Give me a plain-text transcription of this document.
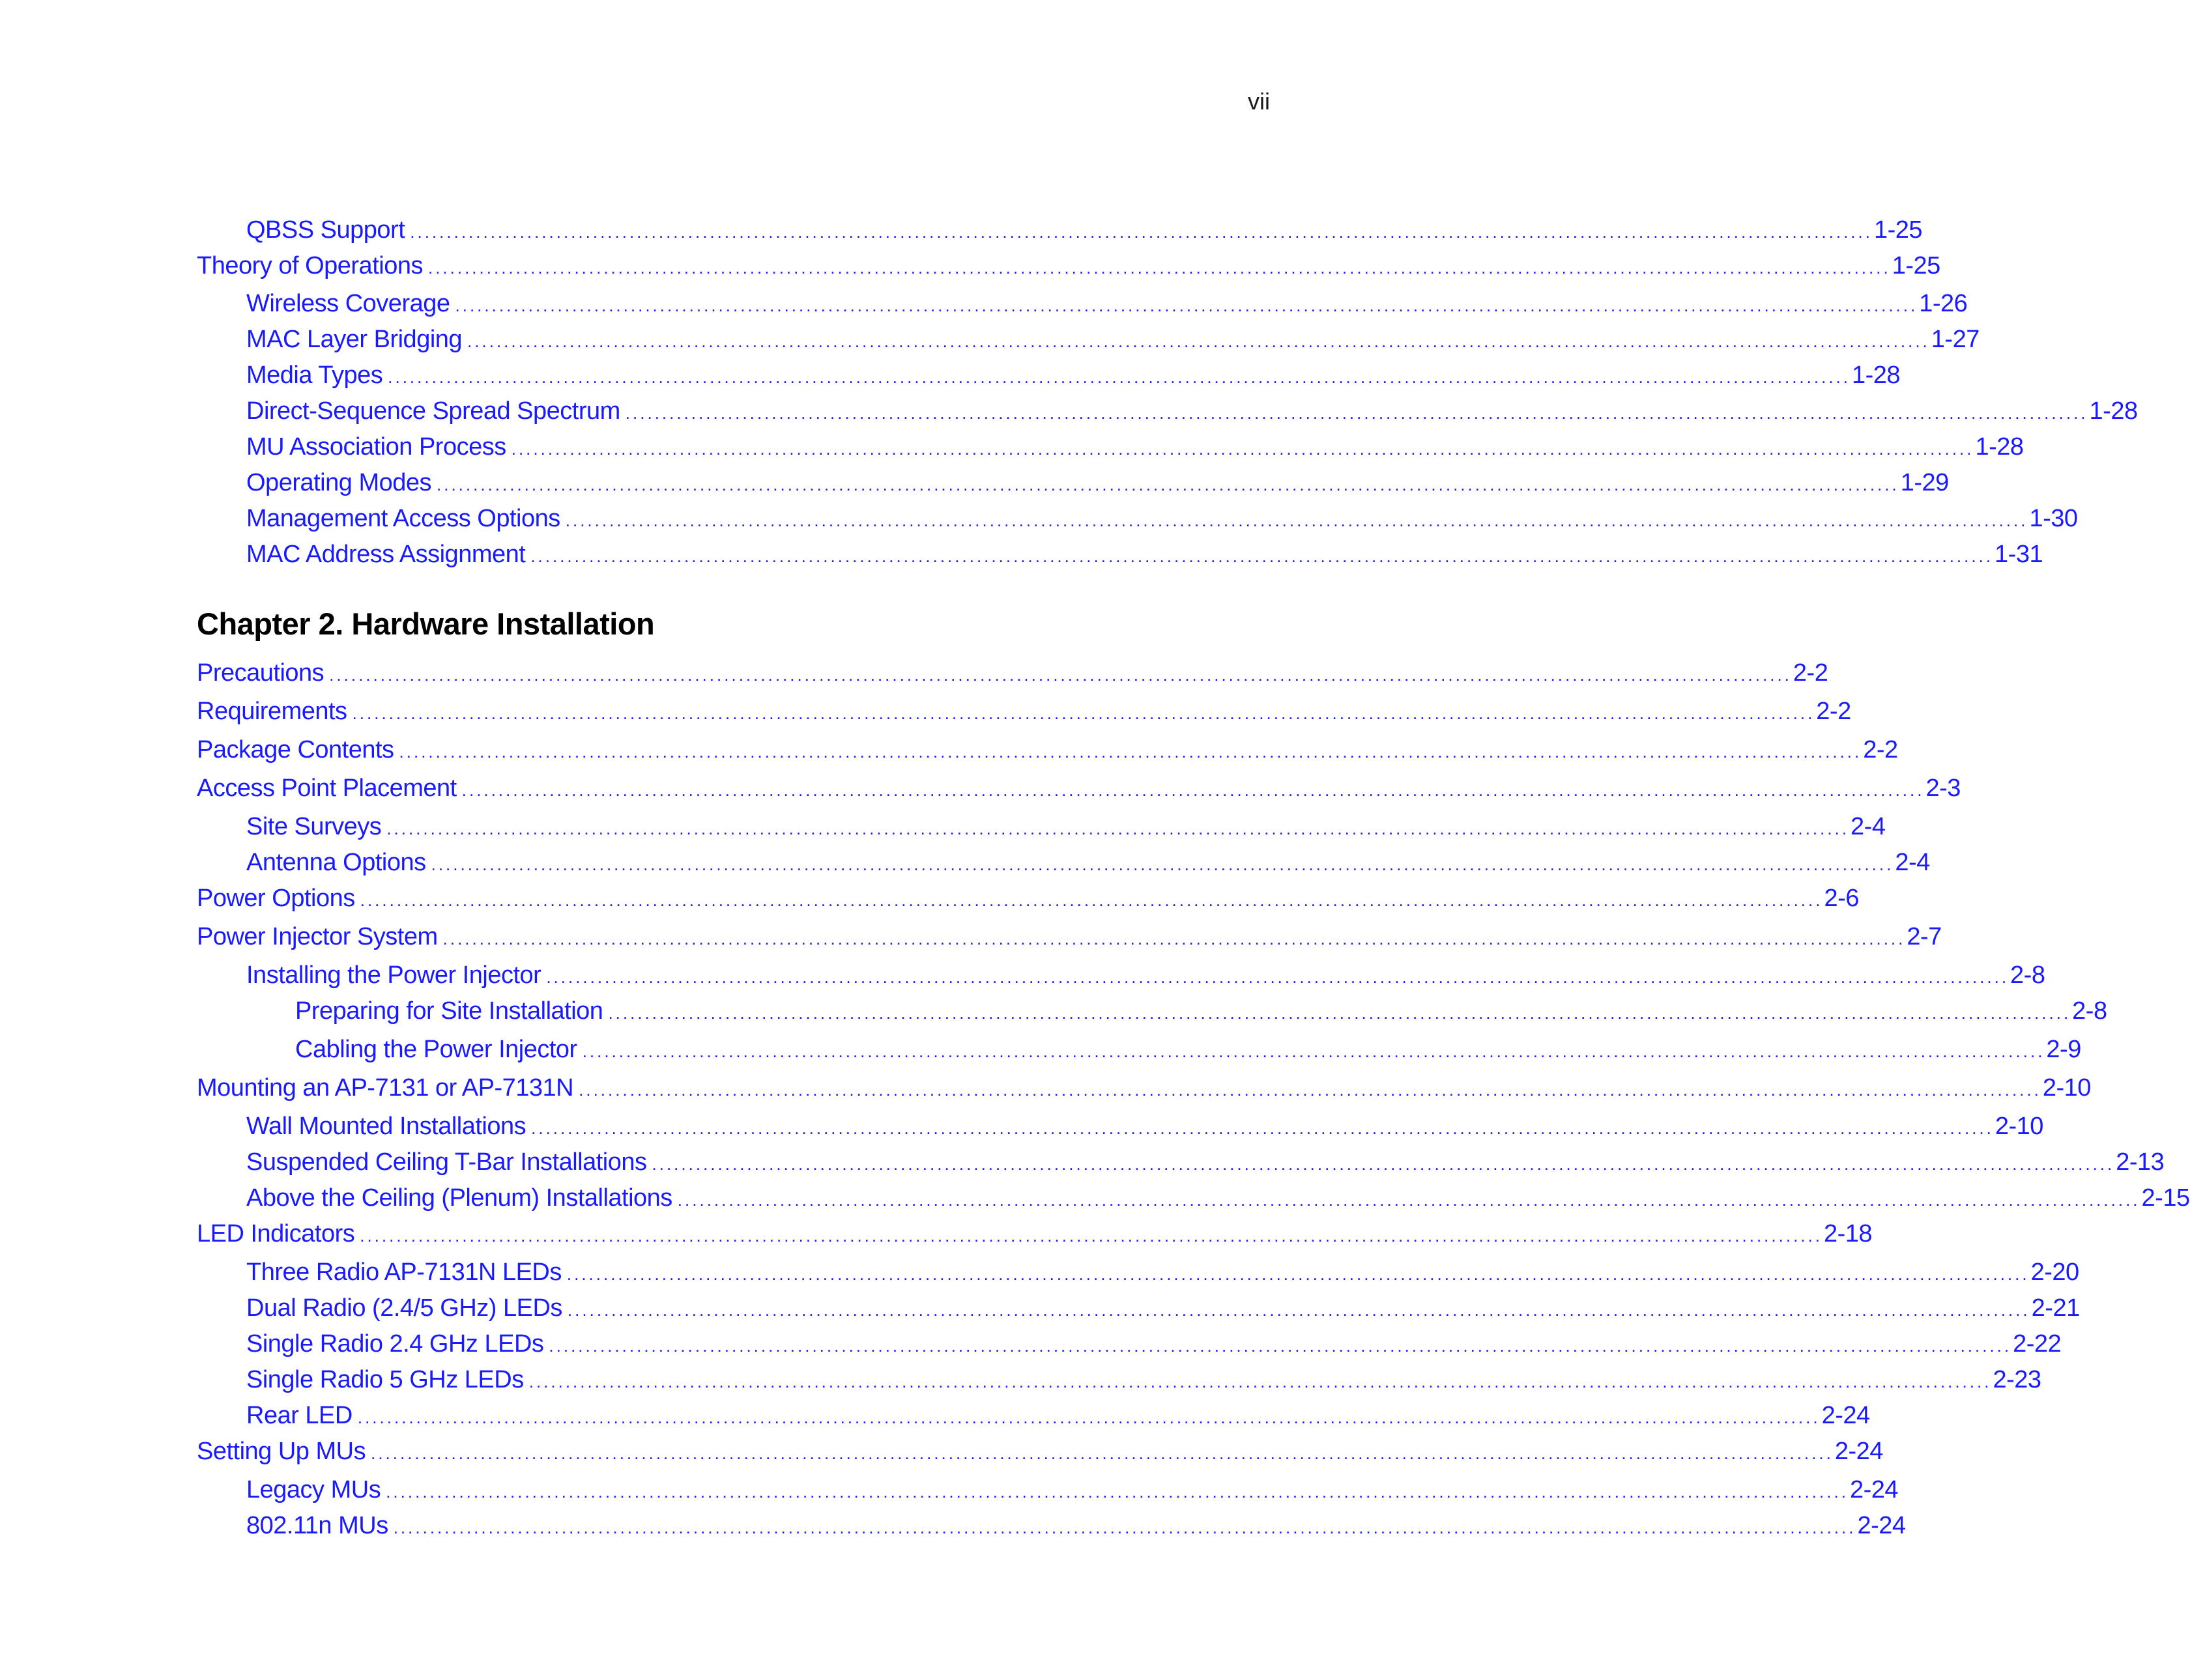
vii
Chapter 2. Hardware Installation
QBSS Support ........................................................................................................................................................................................................ 1-25
Theory of Operations ........................................................................................................................................................................................................ 1-25
Wireless Coverage ........................................................................................................................................................................................................ 1-26
MAC Layer Bridging ........................................................................................................................................................................................................ 1-27
Media Types ........................................................................................................................................................................................................ 1-28
Direct-Sequence Spread Spectrum ........................................................................................................................................................................................................ 1-28
MU Association Process ........................................................................................................................................................................................................ 1-28
Operating Modes ........................................................................................................................................................................................................ 1-29
Management Access Options ........................................................................................................................................................................................................ 1-30
MAC Address Assignment ........................................................................................................................................................................................................ 1-31
Precautions ........................................................................................................................................................................................................ 2-2
Requirements ........................................................................................................................................................................................................ 2-2
Package Contents ........................................................................................................................................................................................................ 2-2
Access Point Placement ........................................................................................................................................................................................................ 2-3
Site Surveys ........................................................................................................................................................................................................ 2-4
Antenna Options ........................................................................................................................................................................................................ 2-4
Power Options ........................................................................................................................................................................................................ 2-6
Power Injector System ........................................................................................................................................................................................................ 2-7
Installing the Power Injector ........................................................................................................................................................................................................ 2-8
Preparing for Site Installation ........................................................................................................................................................................................................ 2-8
Cabling the Power Injector ........................................................................................................................................................................................................ 2-9
Mounting an AP-7131 or AP-7131N ........................................................................................................................................................................................................ 2-10
Wall Mounted Installations ........................................................................................................................................................................................................ 2-10
Suspended Ceiling T-Bar Installations ........................................................................................................................................................................................................ 2-13
Above the Ceiling (Plenum) Installations ........................................................................................................................................................................................................ 2-15
LED Indicators ........................................................................................................................................................................................................ 2-18
Three Radio AP-7131N LEDs ........................................................................................................................................................................................................ 2-20
Dual Radio (2.4/5 GHz) LEDs ........................................................................................................................................................................................................ 2-21
Single Radio 2.4 GHz LEDs ........................................................................................................................................................................................................ 2-22
Single Radio 5 GHz LEDs ........................................................................................................................................................................................................ 2-23
Rear LED ........................................................................................................................................................................................................ 2-24
Setting Up MUs ........................................................................................................................................................................................................ 2-24
Legacy MUs ........................................................................................................................................................................................................ 2-24
802.11n MUs ........................................................................................................................................................................................................ 2-24
